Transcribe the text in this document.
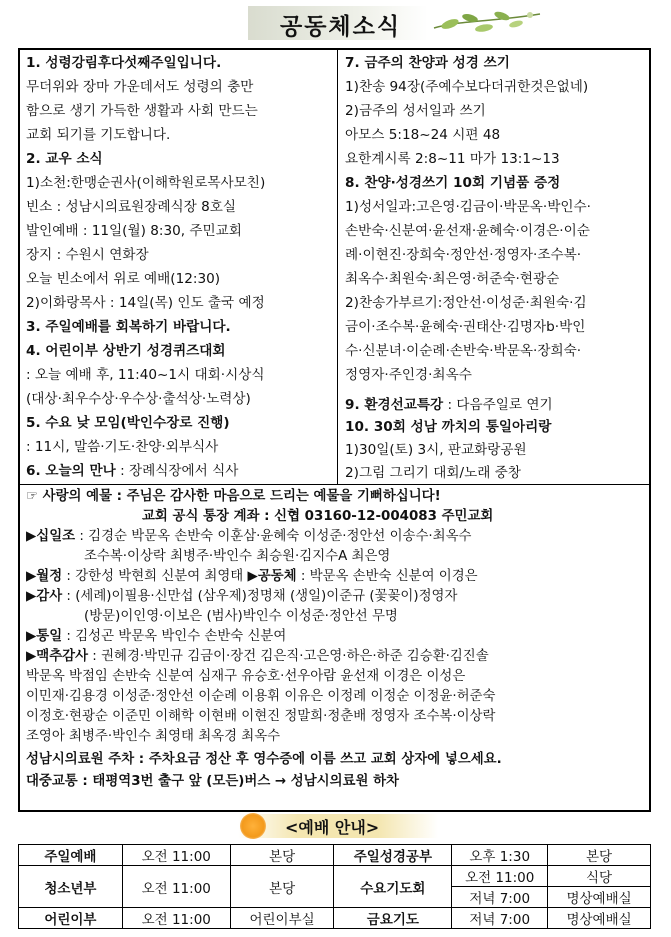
공동체소식
1. 성령강림후다섯째주일입니다.
무더위와 장마 가운데서도 성령의 충만
함으로 생기 가득한 생활과 사회 만드는
교회 되기를 기도합니다.
2. 교우 소식
1)소천:한맹순권사(이해학원로목사모친)
빈소 : 성남시의료원장례식장 8호실
발인예배 : 11일(월) 8:30, 주민교회
장지 : 수원시 연화장
오늘 빈소에서 위로 예배(12:30)
2)이화랑목사 : 14일(목) 인도 출국 예정
3. 주일예배를 회복하기 바랍니다.
4. 어린이부 상반기 성경퀴즈대회
: 오늘 예배 후, 11:40~1시 대회·시상식
(대상·최우수상·우수상·출석상·노력상)
5. 수요 낮 모임(박인수장로 진행)
: 11시, 말씀·기도·찬양·외부식사
6. 오늘의 만나 : 장례식장에서 식사
7. 금주의 찬양과 성경 쓰기
1)찬송 94장(주예수보다더귀한것은없네)
2)금주의 성서일과 쓰기
아모스 5:18~24 시편 48
요한계시록 2:8~11 마가 13:1~13
8. 찬양·성경쓰기 10회 기념품 증정
1)성서일과:고은영·김금이·박문옥·박인수·
손반숙·신분여·윤선재·윤혜숙·이경은·이순
례·이현진·장희숙·정안선·정영자·조수복·
최옥수·최원숙·최은영·허준숙·현광순
2)찬송가부르기:정안선·이성준·최원숙·김
금이·조수복·윤혜숙·권태산·김명자b·박인
수·신분녀·이순례·손반숙·박문옥·장희숙·
정영자·주인경·최옥수
9. 환경선교특강 : 다음주일로 연기
10. 30회 성남 까치의 통일아리랑
1)30일(토) 3시, 판교화랑공원
2)그림 그리기 대회/노래 중창
☞ 사랑의 예물 : 주님은 감사한 마음으로 드리는 예물을 기뻐하십니다!
교회 공식 통장 계좌 : 신협 03160-12-004083 주민교회
▶십일조 : 김경순 박문옥 손반숙 이훈삼·윤혜숙 이성준·정안선 이송수·최옥수
조수복·이상락 최병주·박인수 최승원·김지수A 최은영
▶월정 : 강한성 박현희 신분여 최영태 ▶공동체 : 박문옥 손반숙 신분여 이경은
▶감사 : (세례)이필용·신만섭 (삼우제)정명채 (생일)이준규 (꽃꽂이)정영자
(방문)이인영·이보은 (범사)박인수 이성준·정안선 무명
▶통일 : 김성곤 박문옥 박인수 손반숙 신분여
▶맥추감사 : 권혜경·박민규 김금이·장건 김은직·고은영·하은·하준 김승환·김진솔
박문옥 박점임 손반숙 신분여 심재구 유승호·선우아람 윤선재 이경은 이성은
이민재·김용경 이성준·정안선 이순례 이용휘 이유은 이정례 이정순 이정윤·허준숙
이정호·현광순 이준민 이해학 이현배 이현진 정말희·정춘배 정영자 조수복·이상락
조영아 최병주·박인수 최영태 최옥경 최옥수
성남시의료원 주차 : 주차요금 정산 후 영수증에 이름 쓰고 교회 상자에 넣으세요.
대중교통 : 태평역3번 출구 앞 (모든)버스 → 성남시의료원 하차
<예배 안내>
주일예배	오전 11:00	본당	주일성경공부	오후 1:30	본당
청소년부	오전 11:00	본당	수요기도회	오전 11:00	식당
				저녁 7:00	명상예배실
어린이부	오전 11:00	어린이부실	금요기도	저녁 7:00	명상예배실
